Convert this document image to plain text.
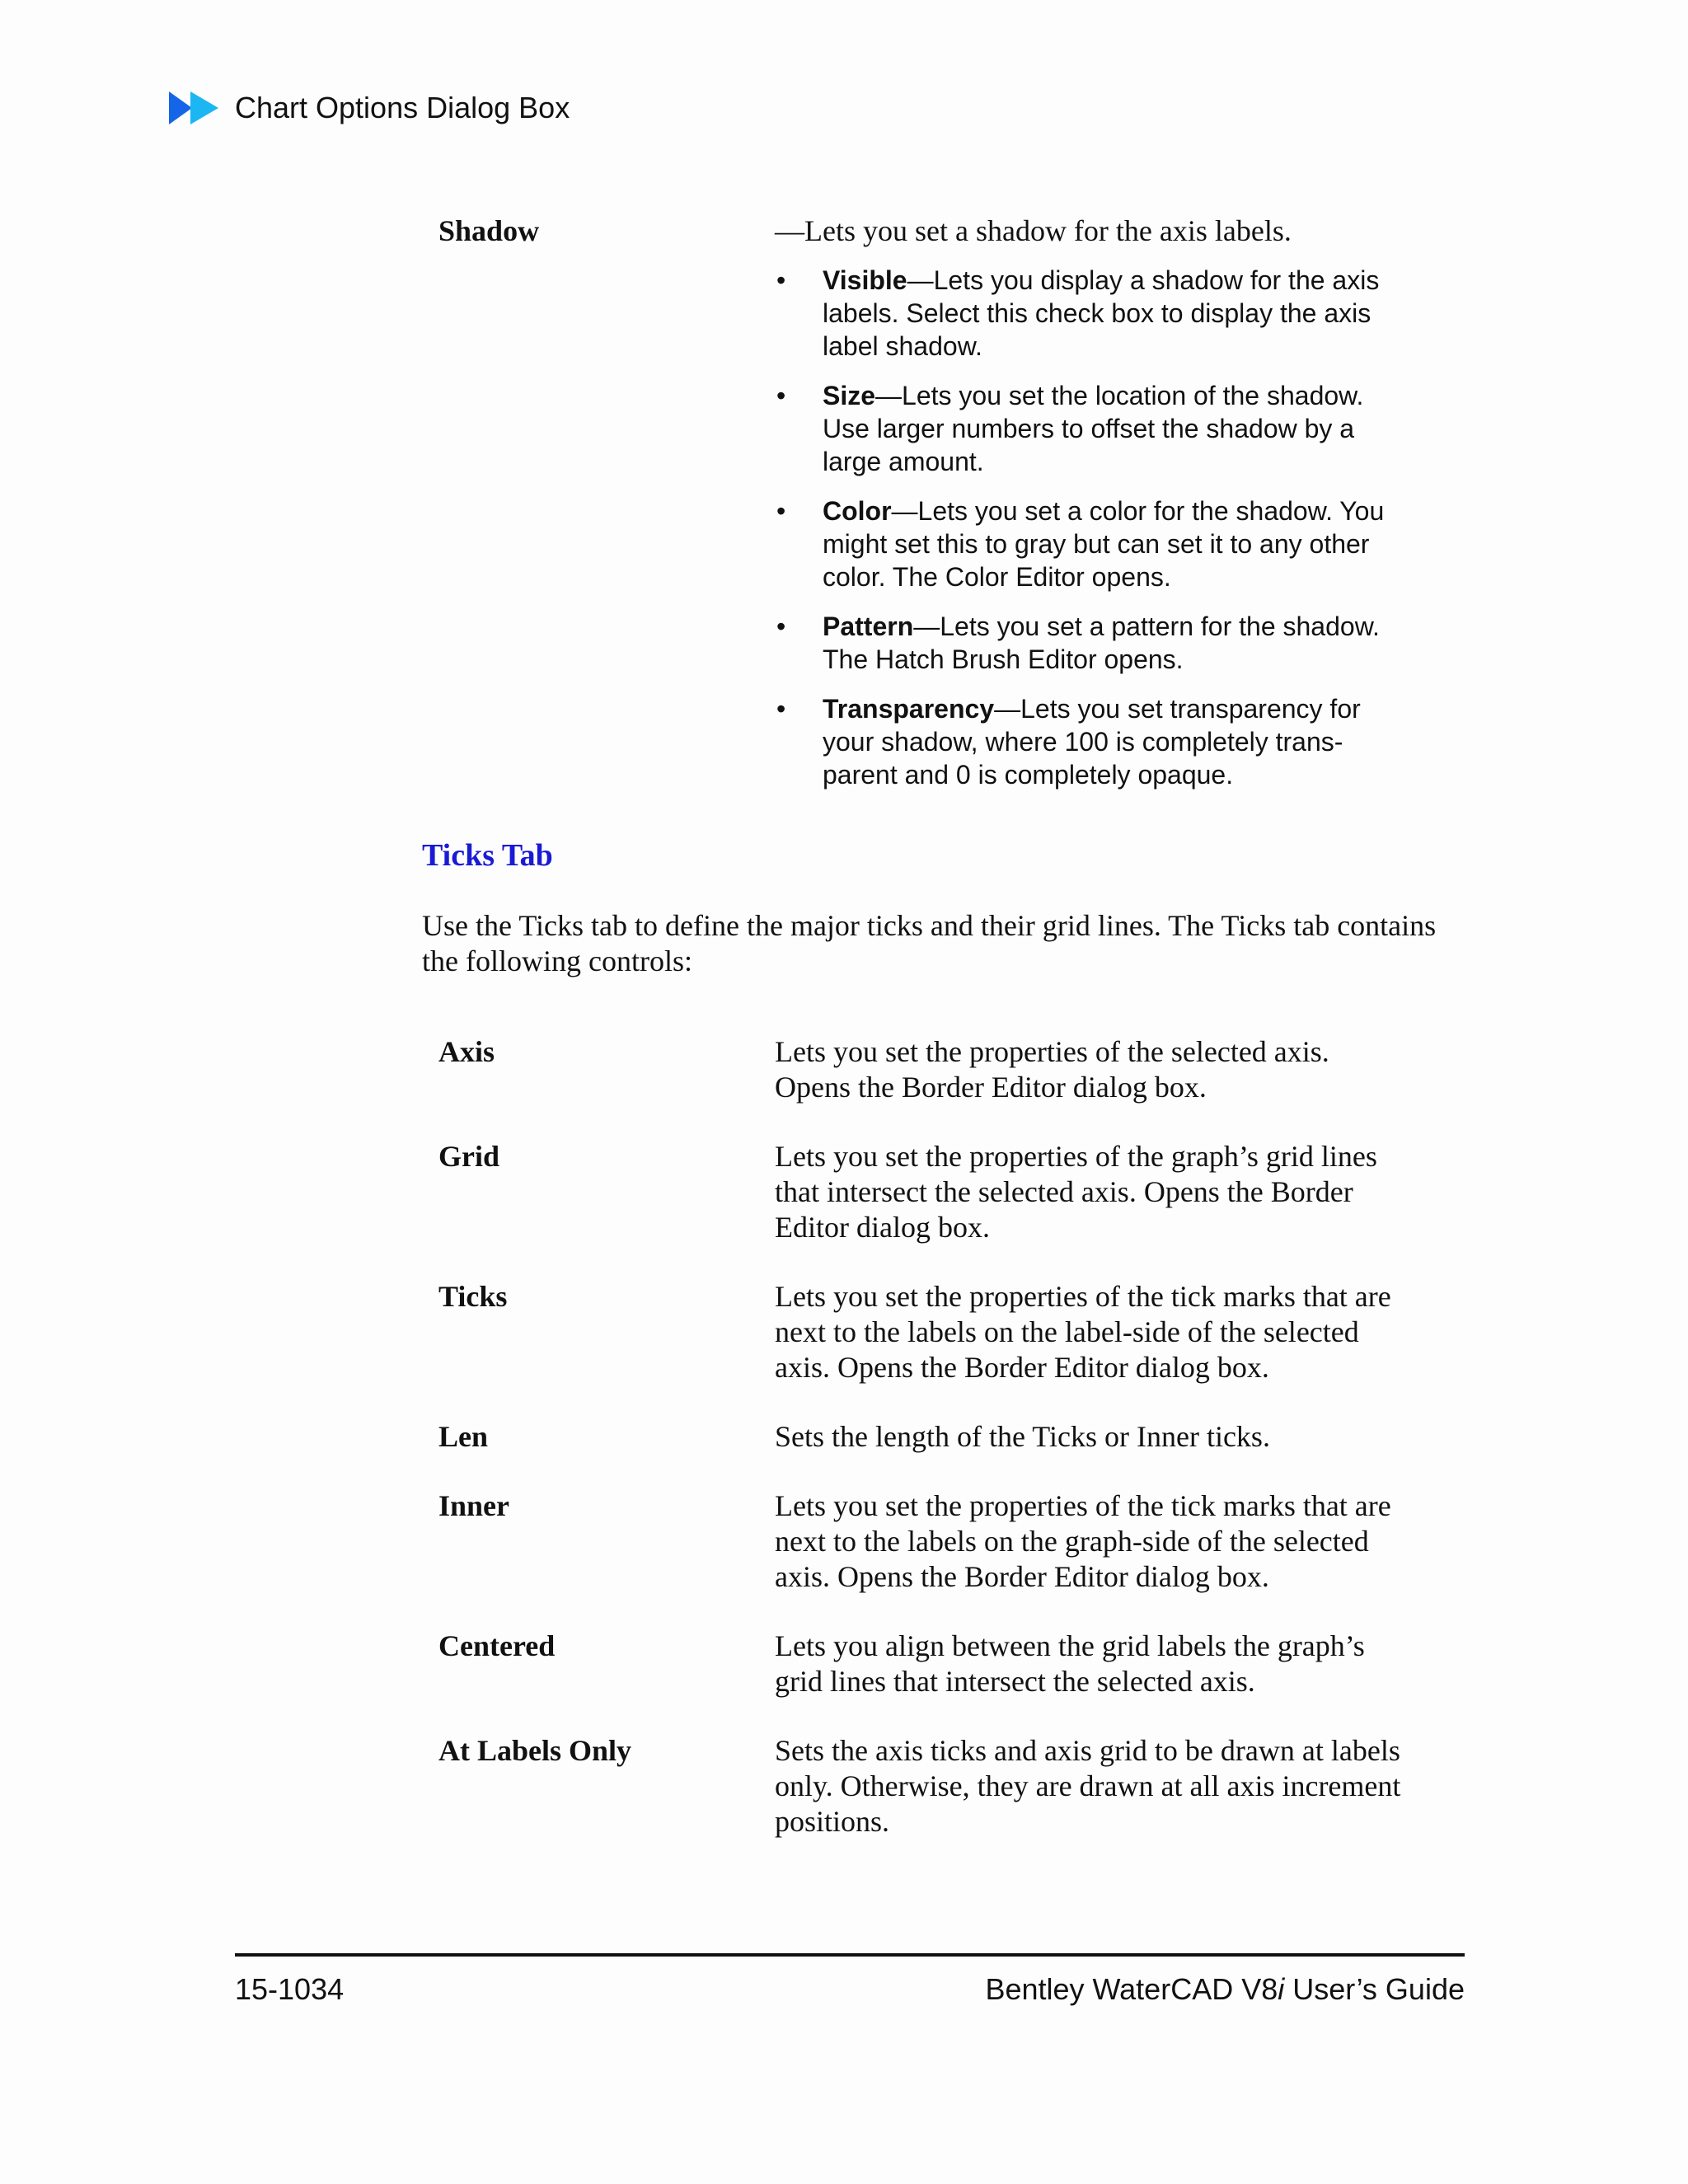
Chart Options Dialog Box
Shadow	—Lets you set a shadow for the axis labels.
• Visible—Lets you display a shadow for the axis labels. Select this check box to display the axis label shadow.
• Size—Lets you set the location of the shadow. Use larger numbers to offset the shadow by a large amount.
• Color—Lets you set a color for the shadow. You might set this to gray but can set it to any other color. The Color Editor opens.
• Pattern—Lets you set a pattern for the shadow. The Hatch Brush Editor opens.
• Transparency—Lets you set transparency for your shadow, where 100 is completely trans-parent and 0 is completely opaque.
Ticks Tab

Use the Ticks tab to define the major ticks and their grid lines. The Ticks tab contains the following controls:

Axis	Lets you set the properties of the selected axis. Opens the Border Editor dialog box.
Grid	Lets you set the properties of the graph’s grid lines that intersect the selected axis. Opens the Border Editor dialog box.
Ticks	Lets you set the properties of the tick marks that are next to the labels on the label-side of the selected axis. Opens the Border Editor dialog box.
Len	Sets the length of the Ticks or Inner ticks.
Inner	Lets you set the properties of the tick marks that are next to the labels on the graph-side of the selected axis. Opens the Border Editor dialog box.
Centered	Lets you align between the grid labels the graph’s grid lines that intersect the selected axis.
At Labels Only	Sets the axis ticks and axis grid to be drawn at labels only. Otherwise, they are drawn at all axis increment positions.
15-1034	Bentley WaterCAD V8i User’s Guide
